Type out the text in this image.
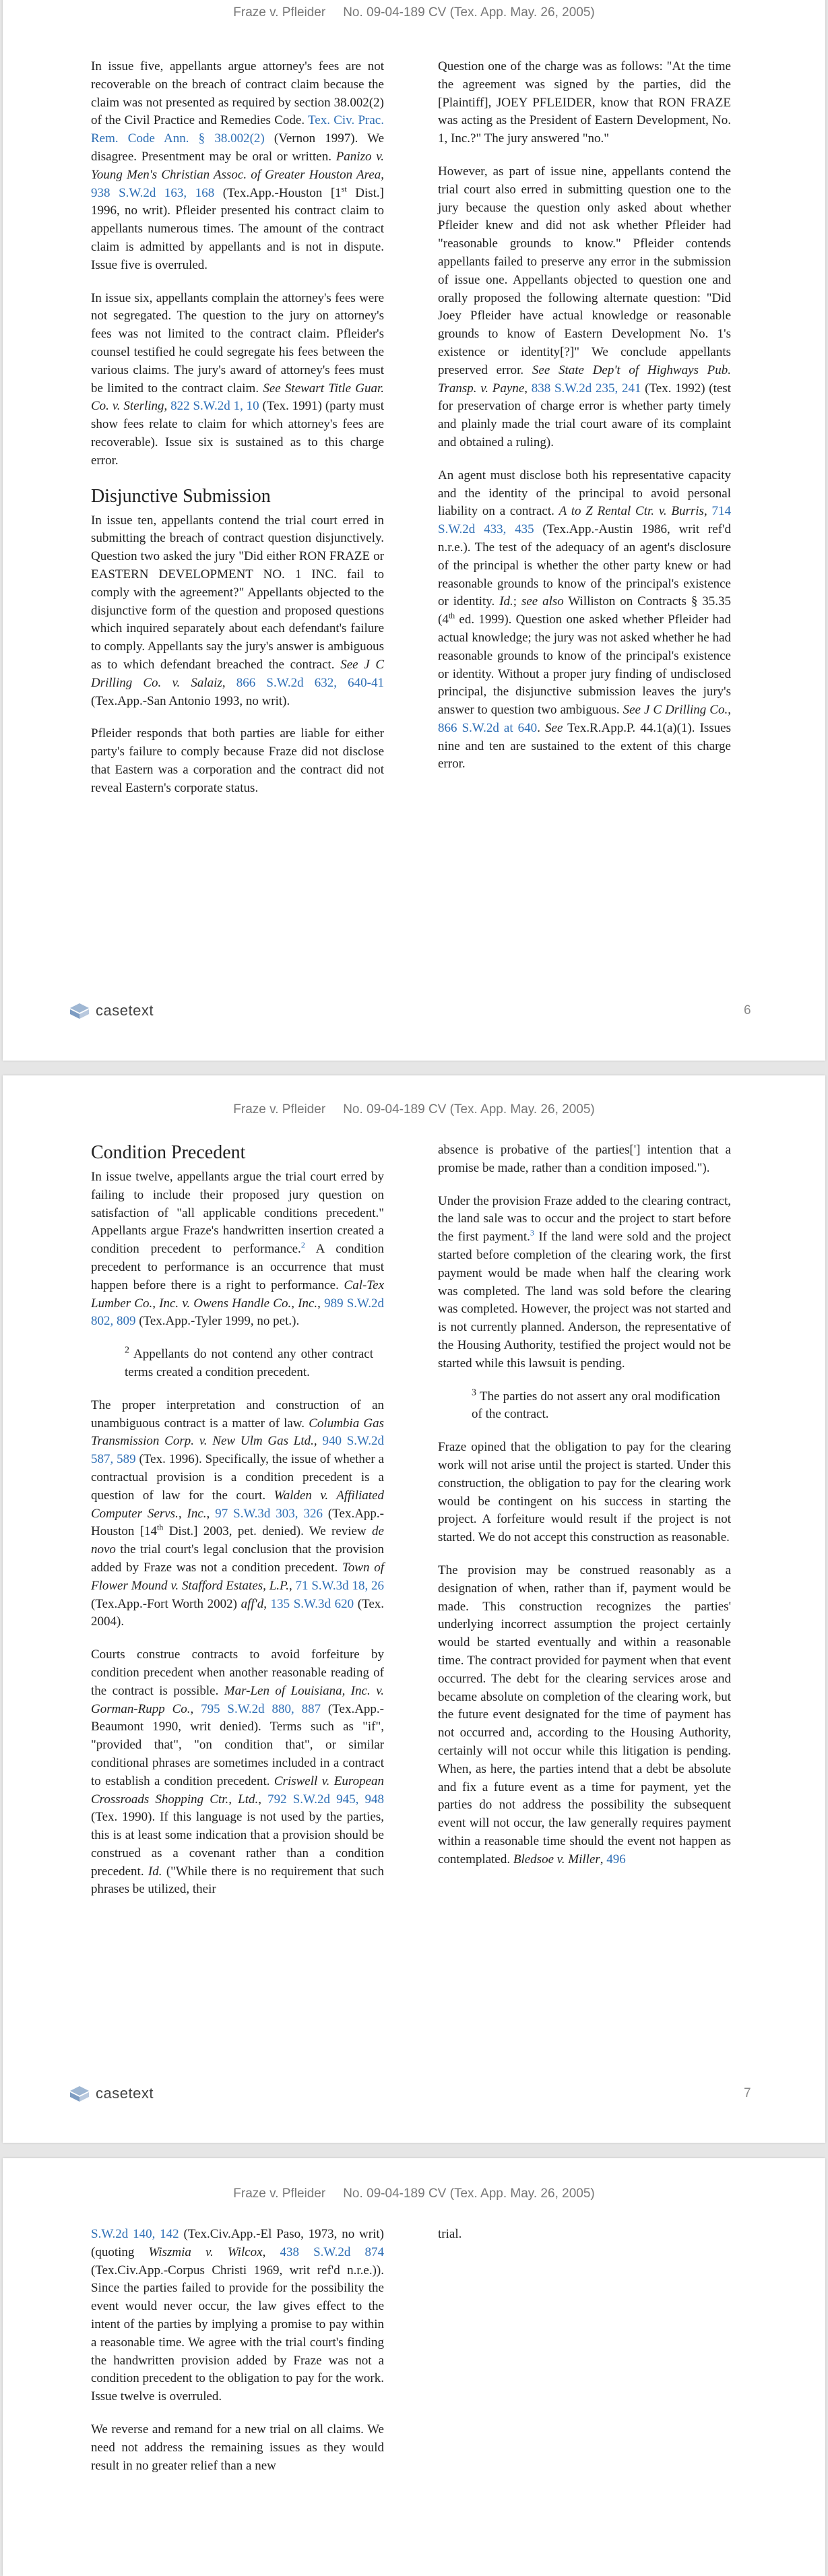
Fraze v. Pfleider No. 09-04-189 CV (Tex. App. May. 26, 2005)

In issue five, appellants argue attorney's fees are not recoverable on the breach of contract claim because the claim was not presented as required by section 38.002(2) of the Civil Practice and Remedies Code. Tex. Civ. Prac. Rem. Code Ann. § 38.002(2) (Vernon 1997). We disagree. Presentment may be oral or written. Panizo v. Young Men's Christian Assoc. of Greater Houston Area, 938 S.W.2d 163, 168 (Tex.App.-Houston [1st Dist.] 1996, no writ). Pfleider presented his contract claim to appellants numerous times. The amount of the contract claim is admitted by appellants and is not in dispute. Issue five is overruled.

In issue six, appellants complain the attorney's fees were not segregated. The question to the jury on attorney's fees was not limited to the contract claim. Pfleider's counsel testified he could segregate his fees between the various claims. The jury's award of attorney's fees must be limited to the contract claim. See Stewart Title Guar. Co. v. Sterling, 822 S.W.2d 1, 10 (Tex. 1991) (party must show fees relate to claim for which attorney's fees are recoverable). Issue six is sustained as to this charge error.

Disjunctive Submission

In issue ten, appellants contend the trial court erred in submitting the breach of contract question disjunctively. Question two asked the jury "Did either RON FRAZE or EASTERN DEVELOPMENT NO. 1 INC. fail to comply with the agreement?" Appellants objected to the disjunctive form of the question and proposed questions which inquired separately about each defendant's failure to comply. Appellants say the jury's answer is ambiguous as to which defendant breached the contract. See J C Drilling Co. v. Salaiz, 866 S.W.2d 632, 640-41 (Tex.App.-San Antonio 1993, no writ).

Pfleider responds that both parties are liable for either party's failure to comply because Fraze did not disclose that Eastern was a corporation and the contract did not reveal Eastern's corporate status.

Question one of the charge was as follows: "At the time the agreement was signed by the parties, did the [Plaintiff], JOEY PFLEIDER, know that RON FRAZE was acting as the President of Eastern Development, No. 1, Inc.?" The jury answered "no."

However, as part of issue nine, appellants contend the trial court also erred in submitting question one to the jury because the question only asked about whether Pfleider knew and did not ask whether Pfleider had "reasonable grounds to know." Pfleider contends appellants failed to preserve any error in the submission of issue one. Appellants objected to question one and orally proposed the following alternate question: "Did Joey Pfleider have actual knowledge or reasonable grounds to know of Eastern Development No. 1's existence or identity[?]" We conclude appellants preserved error. See State Dep't of Highways Pub. Transp. v. Payne, 838 S.W.2d 235, 241 (Tex. 1992) (test for preservation of charge error is whether party timely and plainly made the trial court aware of its complaint and obtained a ruling).

An agent must disclose both his representative capacity and the identity of the principal to avoid personal liability on a contract. A to Z Rental Ctr. v. Burris, 714 S.W.2d 433, 435 (Tex.App.-Austin 1986, writ ref'd n.r.e.). The test of the adequacy of an agent's disclosure of the principal is whether the other party knew or had reasonable grounds to know of the principal's existence or identity. Id.; see also Williston on Contracts § 35.35 (4th ed. 1999). Question one asked whether Pfleider had actual knowledge; the jury was not asked whether he had reasonable grounds to know of the principal's existence or identity. Without a proper jury finding of undisclosed principal, the disjunctive submission leaves the jury's answer to question two ambiguous. See J C Drilling Co., 866 S.W.2d at 640. See Tex.R.App.P. 44.1(a)(1). Issues nine and ten are sustained to the extent of this charge error.

casetext	6
Fraze v. Pfleider No. 09-04-189 CV (Tex. App. May. 26, 2005)
Condition Precedent

In issue twelve, appellants argue the trial court erred by failing to include their proposed jury question on satisfaction of "all applicable conditions precedent." Appellants argue Fraze's handwritten insertion created a condition precedent to performance.$^2$ A condition precedent to performance is an occurrence that must happen before there is a right to performance. Cal-Tex Lumber Co., Inc. v. Owens Handle Co., Inc., 989 S.W.2d 802, 809 (Tex.App.-Tyler 1999, no pet.).

$^2$ Appellants do not contend any other contract terms created a condition precedent.

The proper interpretation and construction of an unambiguous contract is a matter of law. Columbia Gas Transmission Corp. v. New Ulm Gas Ltd., 940 S.W.2d 587, 589 (Tex. 1996). Specifically, the issue of whether a contractual provision is a condition precedent is a question of law for the court. Walden v. Affiliated Computer Servs., Inc., 97 S.W.3d 303, 326 (Tex.App.-Houston [14th Dist.] 2003, pet. denied). We review de novo the trial court's legal conclusion that the provision added by Fraze was not a condition precedent. Town of Flower Mound v. Stafford Estates, L.P., 71 S.W.3d 18, 26 (Tex.App.-Fort Worth 2002) aff'd, 135 S.W.3d 620 (Tex. 2004).

Courts construe contracts to avoid forfeiture by condition precedent when another reasonable reading of the contract is possible. Mar-Len of Louisiana, Inc. v. Gorman-Rupp Co., 795 S.W.2d 880, 887 (Tex.App.-Beaumont 1990, writ denied). Terms such as "if", "provided that", "on condition that", or similar conditional phrases are sometimes included in a contract to establish a condition precedent. Criswell v. European Crossroads Shopping Ctr., Ltd., 792 S.W.2d 945, 948 (Tex. 1990). If this language is not used by the parties, this is at least some indication that a provision should be construed as a covenant rather than a condition precedent. Id. ("While there is no requirement that such phrases be utilized, their

absence is probative of the parties['] intention that a promise be made, rather than a condition imposed.").

Under the provision Fraze added to the clearing contract, the land sale was to occur and the project to start before the first payment.$^3$ If the land were sold and the project started before completion of the clearing work, the first payment would be made when half the clearing work was completed. The land was sold before the clearing was completed. However, the project was not started and is not currently planned. Anderson, the representative of the Housing Authority, testified the project would not be started while this lawsuit is pending.

$^3$ The parties do not assert any oral modification of the contract.

Fraze opined that the obligation to pay for the clearing work will not arise until the project is started. Under this construction, the obligation to pay for the clearing work would be contingent on his success in starting the project. A forfeiture would result if the project is not started. We do not accept this construction as reasonable.

The provision may be construed reasonably as a designation of when, rather than if, payment would be made. This construction recognizes the parties' underlying incorrect assumption the project certainly would be started eventually and within a reasonable time. The contract provided for payment when that event occurred. The debt for the clearing services arose and became absolute on completion of the clearing work, but the future event designated for the time of payment has not occurred and, according to the Housing Authority, certainly will not occur while this litigation is pending. When, as here, the parties intend that a debt be absolute and fix a future event as a time for payment, yet the parties do not address the possibility the subsequent event will not occur, the law generally requires payment within a reasonable time should the event not happen as contemplated. Bledsoe v. Miller, 496

casetext	7
Fraze v. Pfleider No. 09-04-189 CV (Tex. App. May. 26, 2005)

S.W.2d 140, 142 (Tex.Civ.App.-El Paso, 1973, no writ) (quoting Wiszmia v. Wilcox, 438 S.W.2d 874 (Tex.Civ.App.-Corpus Christi 1969, writ ref'd n.r.e.)). Since the parties failed to provide for the possibility the event would never occur, the law gives effect to the intent of the parties by implying a promise to pay within a reasonable time. We agree with the trial court's finding the handwritten provision added by Fraze was not a condition precedent to the obligation to pay for the work. Issue twelve is overruled.

We reverse and remand for a new trial on all claims. We need not address the remaining issues as they would result in no greater relief than a new

trial.
